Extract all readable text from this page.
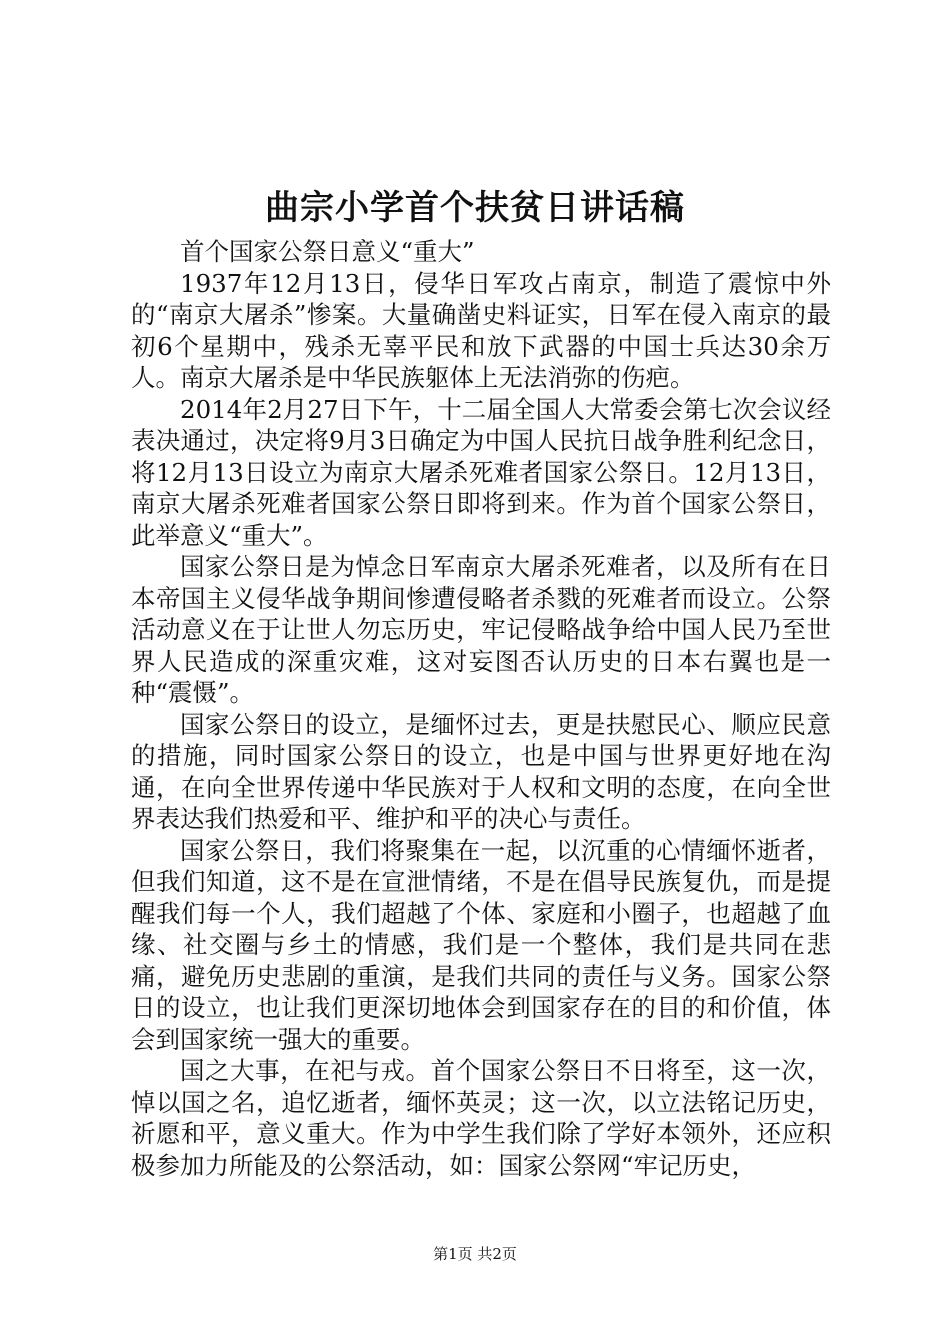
曲宗小学首个扶贫日讲话稿

首个国家公祭日意义“重大”

1937年12月13日，侵华日军攻占南京，制造了震惊中外的“南京大屠杀”惨案。大量确凿史料证实，日军在侵入南京的最初6个星期中，残杀无辜平民和放下武器的中国士兵达30余万人。南京大屠杀是中华民族躯体上无法消弥的伤疤。

2014年2月27日下午，十二届全国人大常委会第七次会议经表决通过，决定将9月3日确定为中国人民抗日战争胜利纪念日，将12月13日设立为南京大屠杀死难者国家公祭日。12月13日，南京大屠杀死难者国家公祭日即将到来。作为首个国家公祭日，此举意义“重大”。

国家公祭日是为悼念日军南京大屠杀死难者，以及所有在日本帝国主义侵华战争期间惨遭侵略者杀戮的死难者而设立。公祭活动意义在于让世人勿忘历史，牢记侵略战争给中国人民乃至世界人民造成的深重灾难，这对妄图否认历史的日本右翼也是一种“震慑”。

国家公祭日的设立，是缅怀过去，更是扶慰民心、顺应民意的措施，同时国家公祭日的设立，也是中国与世界更好地在沟通，在向全世界传递中华民族对于人权和文明的态度，在向全世界表达我们热爱和平、维护和平的决心与责任。

国家公祭日，我们将聚集在一起，以沉重的心情缅怀逝者，但我们知道，这不是在宣泄情绪，不是在倡导民族复仇，而是提醒我们每一个人，我们超越了个体、家庭和小圈子，也超越了血缘、社交圈与乡土的情感，我们是一个整体，我们是共同在悲痛，避免历史悲剧的重演，是我们共同的责任与义务。国家公祭日的设立，也让我们更深切地体会到国家存在的目的和价值，体会到国家统一强大的重要。

国之大事，在祀与戎。首个国家公祭日不日将至，这一次，悼以国之名，追忆逝者，缅怀英灵；这一次，以立法铭记历史，祈愿和平，意义重大。作为中学生我们除了学好本领外，还应积极参加力所能及的公祭活动，如：国家公祭网“牢记历史，

第1页 共2页
